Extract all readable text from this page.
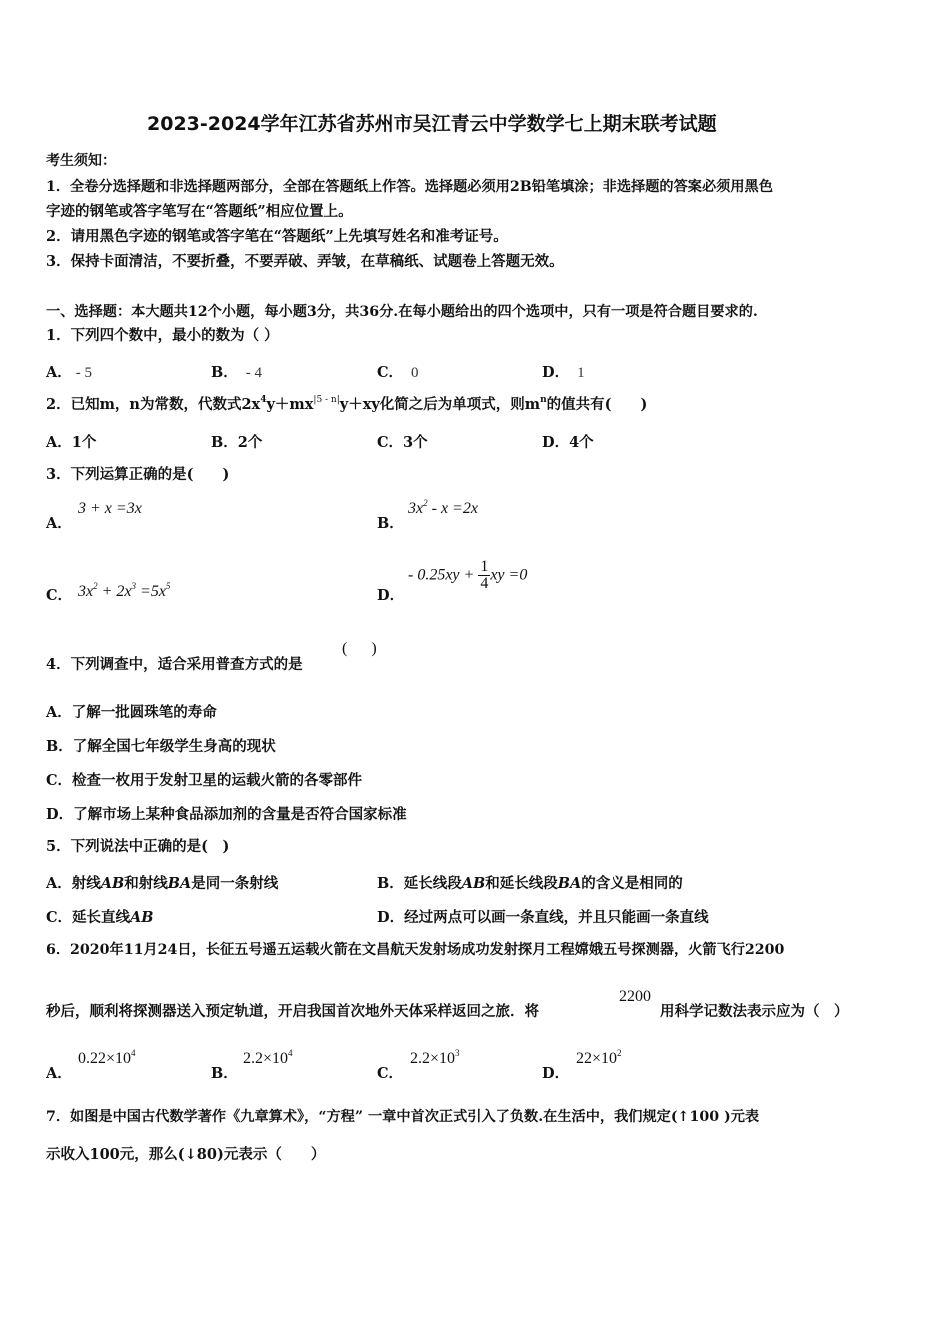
2023-2024学年江苏省苏州市吴江青云中学数学七上期末联考试题
考生须知：
1．全卷分选择题和非选择题两部分，全部在答题纸上作答。选择题必须用2B铅笔填涂；非选择题的答案必须用黑色
字迹的钢笔或答字笔写在“答题纸”相应位置上。
2．请用黑色字迹的钢笔或答字笔在“答题纸”上先填写姓名和准考证号。
3．保持卡面清洁，不要折叠，不要弄破、弄皱，在草稿纸、试题卷上答题无效。
一、选择题：本大题共12个小题，每小题3分，共36分.在每小题给出的四个选项中，只有一项是符合题目要求的.
1．下列四个数中，最小的数为（ ）
A． - 5	B． - 4	C． 0	D． 1
2．已知m，n为常数，代数式$2x^4y+mx^{|5 - n|}y+xy$化简之后为单项式，则$m^n$的值共有(　　)
A．1个	B．2个	C．3个	D．4个
3．下列运算正确的是(　　)
A．
3 + x =3x
B．
$3x^2 - x =2x$
C． $3x^2 + 2x^3 =5x^5$
D．
- $0.25xy + \frac{1}{4}$ xy =0
4．下列调查中，适合采用普查方式的是
(      )
A．了解一批圆珠笔的寿命
B．了解全国七年级学生身高的现状
C．检查一枚用于发射卫星的运载火箭的各零部件
D．了解市场上某种食品添加剂的含量是否符合国家标准
5．下列说法中正确的是(　)
A．射线AB和射线BA是同一条射线	B．延长线段AB和延长线段BA的含义是相同的
C．延长直线AB	D．经过两点可以画一条直线，并且只能画一条直线
6．2020年11月24日，长征五号遥五运载火箭在文昌航天发射场成功发射探月工程嫦娥五号探测器，火箭飞行2200
秒后，顺利将探测器送入预定轨道，开启我国首次地外天体采样返回之旅．将
2200
用科学记数法表示应为（　）
A．
$0.22\times 10^4$
B．
$2.2\times 10^4$
C．
$2.2\times 10^3$
D．
$22\times 10^2$
7．如图是中国古代数学著作《九章算术》，“方程” 一章中首次正式引入了负数.在生活中，我们规定(↑100 )元表
示收入100元，那么(↓80)元表示（　　）
